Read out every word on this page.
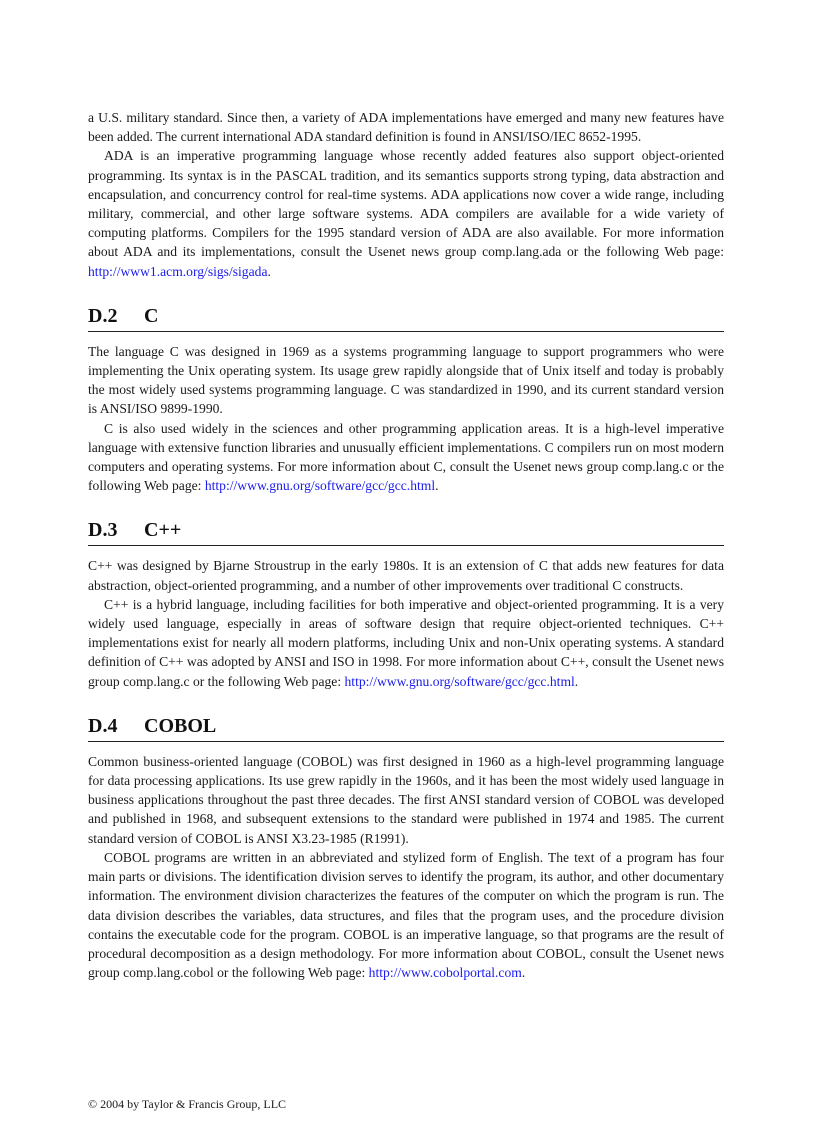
a U.S. military standard. Since then, a variety of ADA implementations have emerged and many new features have been added. The current international ADA standard definition is found in ANSI/ISO/IEC 8652-1995.

ADA is an imperative programming language whose recently added features also support object-oriented programming. Its syntax is in the PASCAL tradition, and its semantics supports strong typing, data abstraction and encapsulation, and concurrency control for real-time systems. ADA applications now cover a wide range, including military, commercial, and other large software systems. ADA compilers are available for a wide variety of computing platforms. Compilers for the 1995 standard version of ADA are also available. For more information about ADA and its implementations, consult the Usenet news group comp.lang.ada or the following Web page: http://www1.acm.org/sigs/sigada.

D.2 C

The language C was designed in 1969 as a systems programming language to support programmers who were implementing the Unix operating system. Its usage grew rapidly alongside that of Unix itself and today is probably the most widely used systems programming language. C was standardized in 1990, and its current standard version is ANSI/ISO 9899-1990.

C is also used widely in the sciences and other programming application areas. It is a high-level imperative language with extensive function libraries and unusually efficient implementations. C compilers run on most modern computers and operating systems. For more information about C, consult the Usenet news group comp.lang.c or the following Web page: http://www.gnu.org/software/gcc/gcc.html.

D.3 C++

C++ was designed by Bjarne Stroustrup in the early 1980s. It is an extension of C that adds new features for data abstraction, object-oriented programming, and a number of other improvements over traditional C constructs.

C++ is a hybrid language, including facilities for both imperative and object-oriented programming. It is a very widely used language, especially in areas of software design that require object-oriented techniques. C++ implementations exist for nearly all modern platforms, including Unix and non-Unix operating systems. A standard definition of C++ was adopted by ANSI and ISO in 1998. For more information about C++, consult the Usenet news group comp.lang.c or the following Web page: http://www.gnu.org/software/gcc/gcc.html.

D.4 COBOL

Common business-oriented language (COBOL) was first designed in 1960 as a high-level programming language for data processing applications. Its use grew rapidly in the 1960s, and it has been the most widely used language in business applications throughout the past three decades. The first ANSI standard version of COBOL was developed and published in 1968, and subsequent extensions to the standard were published in 1974 and 1985. The current standard version of COBOL is ANSI X3.23-1985 (R1991).

COBOL programs are written in an abbreviated and stylized form of English. The text of a program has four main parts or divisions. The identification division serves to identify the program, its author, and other documentary information. The environment division characterizes the features of the computer on which the program is run. The data division describes the variables, data structures, and files that the program uses, and the procedure division contains the executable code for the program. COBOL is an imperative language, so that programs are the result of procedural decomposition as a design methodology. For more information about COBOL, consult the Usenet news group comp.lang.cobol or the following Web page: http://www.cobolportal.com.

© 2004 by Taylor & Francis Group, LLC
